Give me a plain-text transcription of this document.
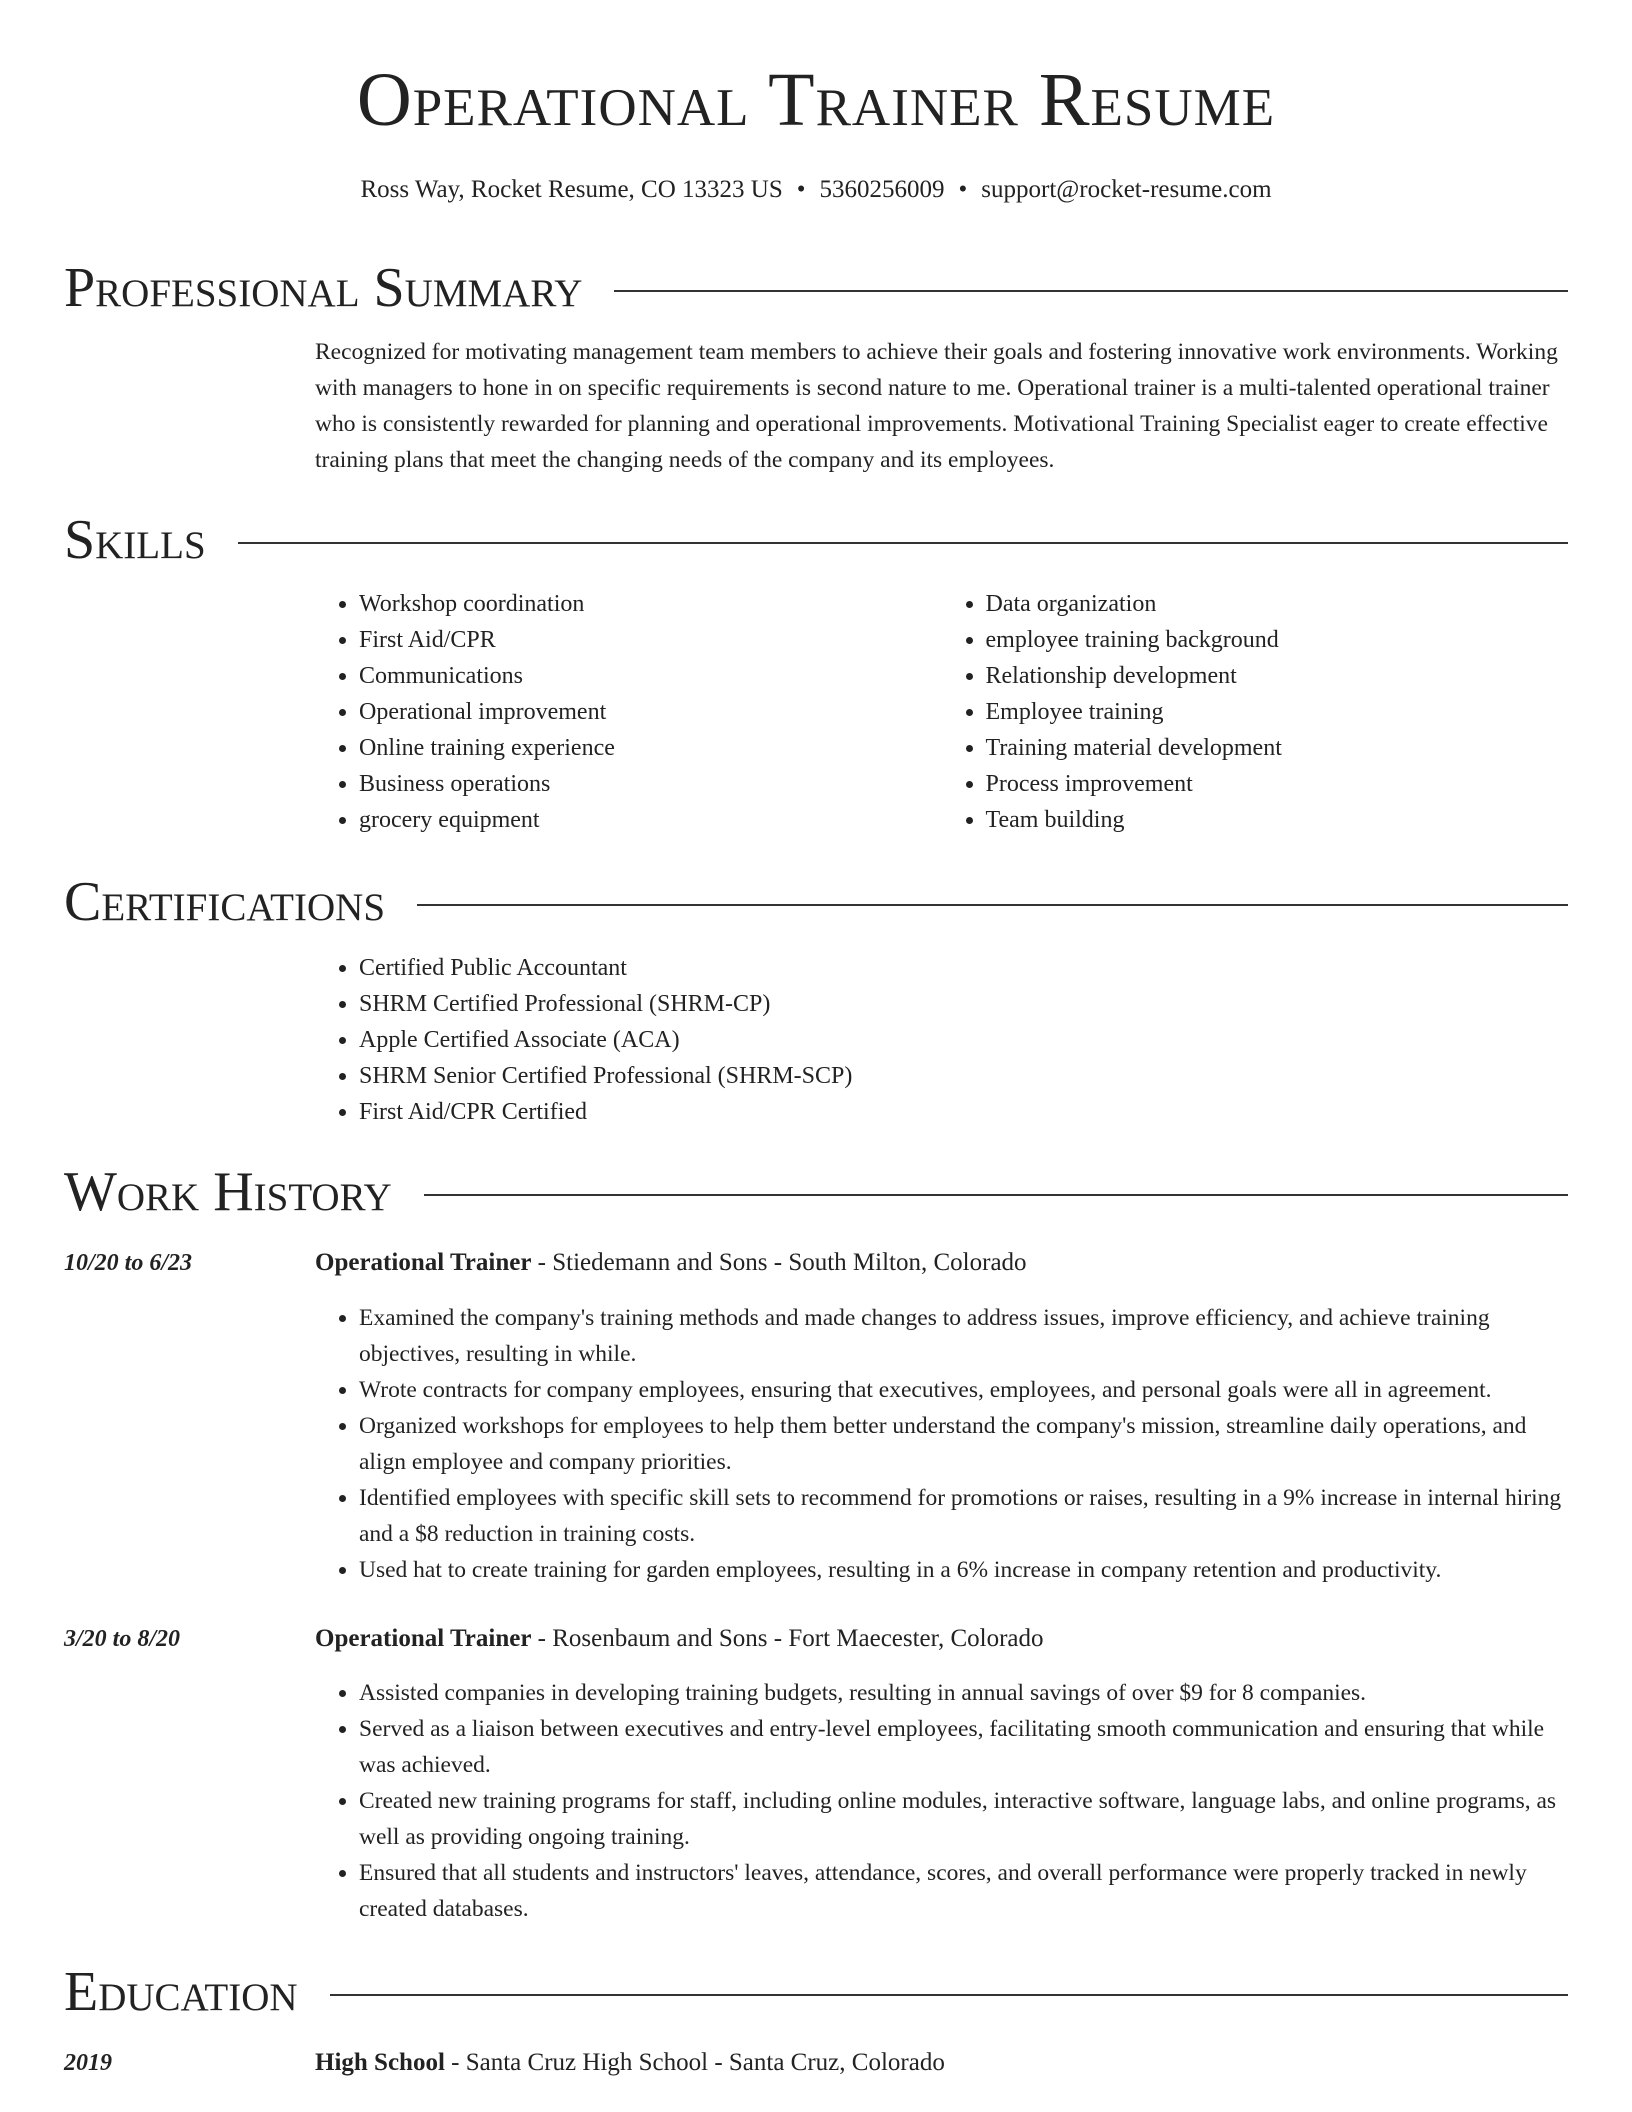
Operational Trainer Resume
Ross Way, Rocket Resume, CO 13323 US • 5360256009 • support@rocket-resume.com
Professional Summary
Recognized for motivating management team members to achieve their goals and fostering innovative work environments. Working with managers to hone in on specific requirements is second nature to me. Operational trainer is a multi-talented operational trainer who is consistently rewarded for planning and operational improvements. Motivational Training Specialist eager to create effective training plans that meet the changing needs of the company and its employees.
Skills
• Workshop coordination
• First Aid/CPR
• Communications
• Operational improvement
• Online training experience
• Business operations
• grocery equipment
• Data organization
• employee training background
• Relationship development
• Employee training
• Training material development
• Process improvement
• Team building
Certifications
• Certified Public Accountant
• SHRM Certified Professional (SHRM-CP)
• Apple Certified Associate (ACA)
• SHRM Senior Certified Professional (SHRM-SCP)
• First Aid/CPR Certified
Work History
10/20 to 6/23	Operational Trainer - Stiedemann and Sons - South Milton, Colorado
• Examined the company's training methods and made changes to address issues, improve efficiency, and achieve training objectives, resulting in while.
• Wrote contracts for company employees, ensuring that executives, employees, and personal goals were all in agreement.
• Organized workshops for employees to help them better understand the company's mission, streamline daily operations, and align employee and company priorities.
• Identified employees with specific skill sets to recommend for promotions or raises, resulting in a 9% increase in internal hiring and a $8 reduction in training costs.
• Used hat to create training for garden employees, resulting in a 6% increase in company retention and productivity.
3/20 to 8/20	Operational Trainer - Rosenbaum and Sons - Fort Maecester, Colorado
• Assisted companies in developing training budgets, resulting in annual savings of over $9 for 8 companies.
• Served as a liaison between executives and entry-level employees, facilitating smooth communication and ensuring that while was achieved.
• Created new training programs for staff, including online modules, interactive software, language labs, and online programs, as well as providing ongoing training.
• Ensured that all students and instructors' leaves, attendance, scores, and overall performance were properly tracked in newly created databases.
Education
2019	High School - Santa Cruz High School - Santa Cruz, Colorado
